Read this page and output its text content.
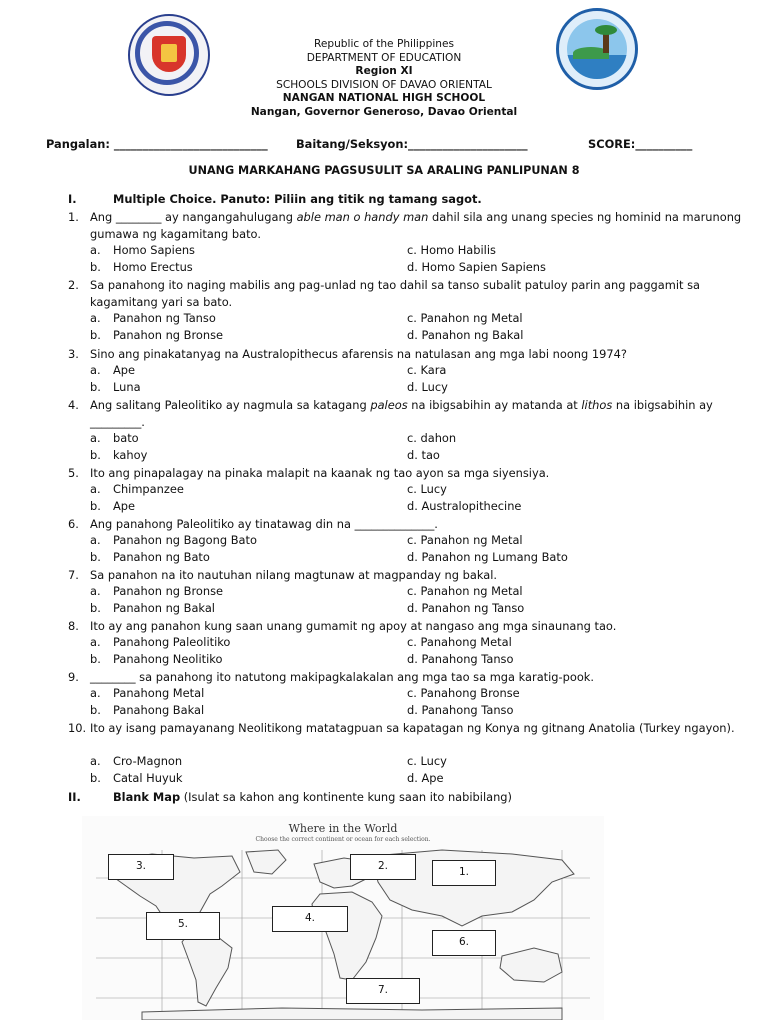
Republic of the Philippines
DEPARTMENT OF EDUCATION
Region XI
SCHOOLS DIVISION OF DAVAO ORIENTAL
NANGAN NATIONAL HIGH SCHOOL
Nangan, Governor Generoso, Davao Oriental
Pangalan: ___________________________ Baitang/Seksyon:_____________________	SCORE:__________
UNANG MARKAHANG PAGSUSULIT SA ARALING PANLIPUNAN 8
I.	Multiple Choice. Panuto: Piliin ang titik ng tamang sagot.
1. Ang ________ ay nangangahulugang able man o handy man dahil sila ang unang species ng hominid na marunong gumawa ng kagamitang bato.
a. Homo Sapiens	c. Homo Habilis
b. Homo Erectus	d. Homo Sapien Sapiens
2. Sa panahong ito naging mabilis ang pag-unlad ng tao dahil sa tanso subalit patuloy parin ang paggamit sa kagamitang yari sa bato.
a. Panahon ng Tanso	c. Panahon ng Metal
b. Panahon ng Bronse	d. Panahon ng Bakal
3. Sino ang pinakatanyag na Australopithecus afarensis na natulasan ang mga labi noong 1974?
a. Ape	c. Kara
b. Luna	d. Lucy
4. Ang salitang Paleolitiko ay nagmula sa katagang paleos na ibigsabihin ay matanda at lithos na ibigsabihin ay _________.
a. bato	c. dahon
b. kahoy	d. tao
5. Ito ang pinapalagay na pinaka malapit na kaanak ng tao ayon sa mga siyensiya.
a. Chimpanzee	c. Lucy
b. Ape	d. Australopithecine
6. Ang panahong Paleolitiko ay tinatawag din na ______________.
a. Panahon ng Bagong Bato	c. Panahon ng Metal
b. Panahon ng Bato	d. Panahon ng Lumang Bato
7. Sa panahon na ito nautuhan nilang magtunaw at magpanday ng bakal.
a. Panahon ng Bronse	c. Panahon ng Metal
b. Panahon ng Bakal	d. Panahon ng Tanso
8. Ito ay ang panahon kung saan unang gumamit ng apoy at nangaso ang mga sinaunang tao.
a. Panahong Paleolitiko	c. Panahong Metal
b. Panahong Neolitiko	d. Panahong Tanso
9. ________ sa panahong ito natutong makipagkalakalan ang mga tao sa mga karatig-pook.
a. Panahong Metal	c. Panahong Bronse
b. Panahong Bakal	d. Panahong Tanso
10. Ito ay isang pamayanang Neolitikong matatagpuan sa kapatagan ng Konya ng gitnang Anatolia (Turkey ngayon).
a. Cro-Magnon	c. Lucy
b. Catal Huyuk	d. Ape
II.	Blank Map (Isulat sa kahon ang kontinente kung saan ito nabibilang)
Where in the World
Choose the correct continent or ocean for each selection.
2.	1.
3.
4.
5.
6.
7.
